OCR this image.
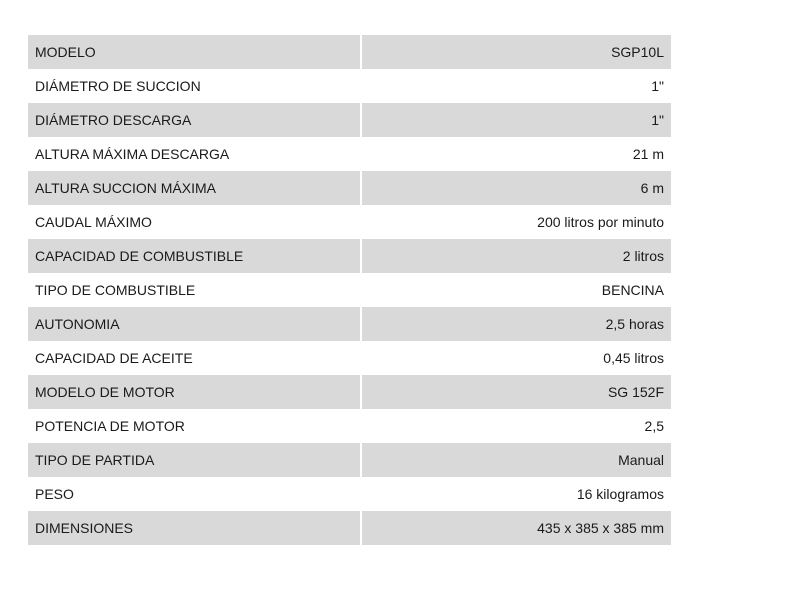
MODELO	SGP10L
DIÁMETRO DE SUCCION	1"
DIÁMETRO DESCARGA	1"
ALTURA MÁXIMA DESCARGA	21 m
ALTURA SUCCION MÁXIMA	6 m
CAUDAL MÁXIMO	200 litros por minuto
CAPACIDAD DE COMBUSTIBLE	2 litros
TIPO DE COMBUSTIBLE	BENCINA
AUTONOMIA	2,5 horas
CAPACIDAD DE ACEITE	0,45 litros
MODELO DE MOTOR	SG 152F
POTENCIA DE MOTOR	2,5
TIPO DE PARTIDA	Manual
PESO	16 kilogramos
DIMENSIONES	435 x 385 x 385 mm
